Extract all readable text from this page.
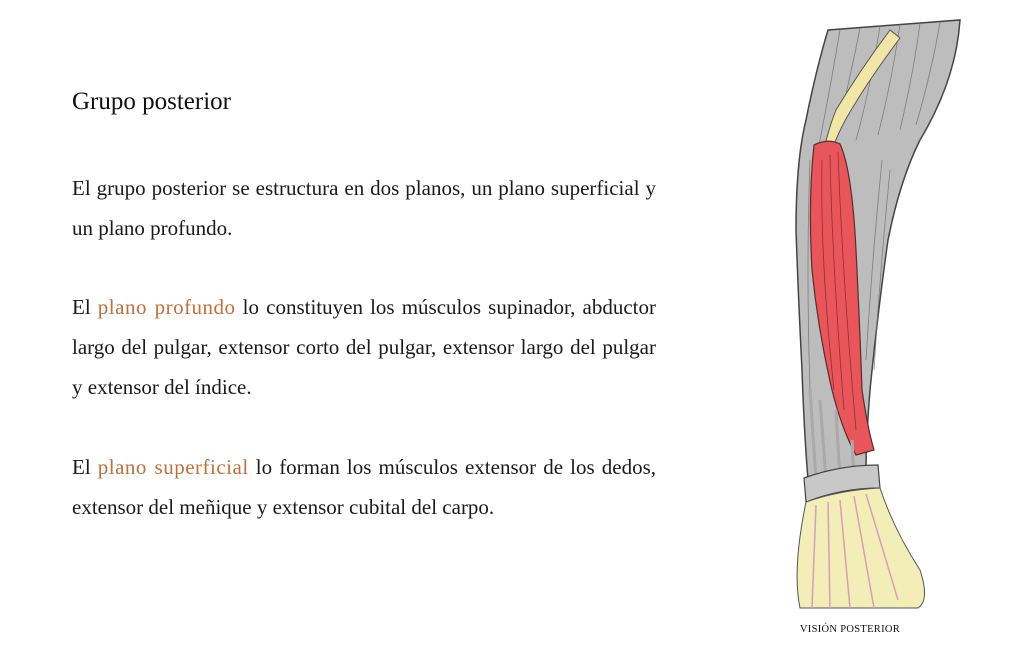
Grupo posterior

El grupo posterior se estructura en dos planos, un plano superficial y un plano profundo.

El plano profundo lo constituyen los músculos supinador, abductor largo del pulgar, extensor corto del pulgar, extensor largo del pulgar y extensor del índice.

El plano superficial lo forman los músculos extensor de los dedos, extensor del meñique y extensor cubital del carpo.

VISIÓN POSTERIOR
